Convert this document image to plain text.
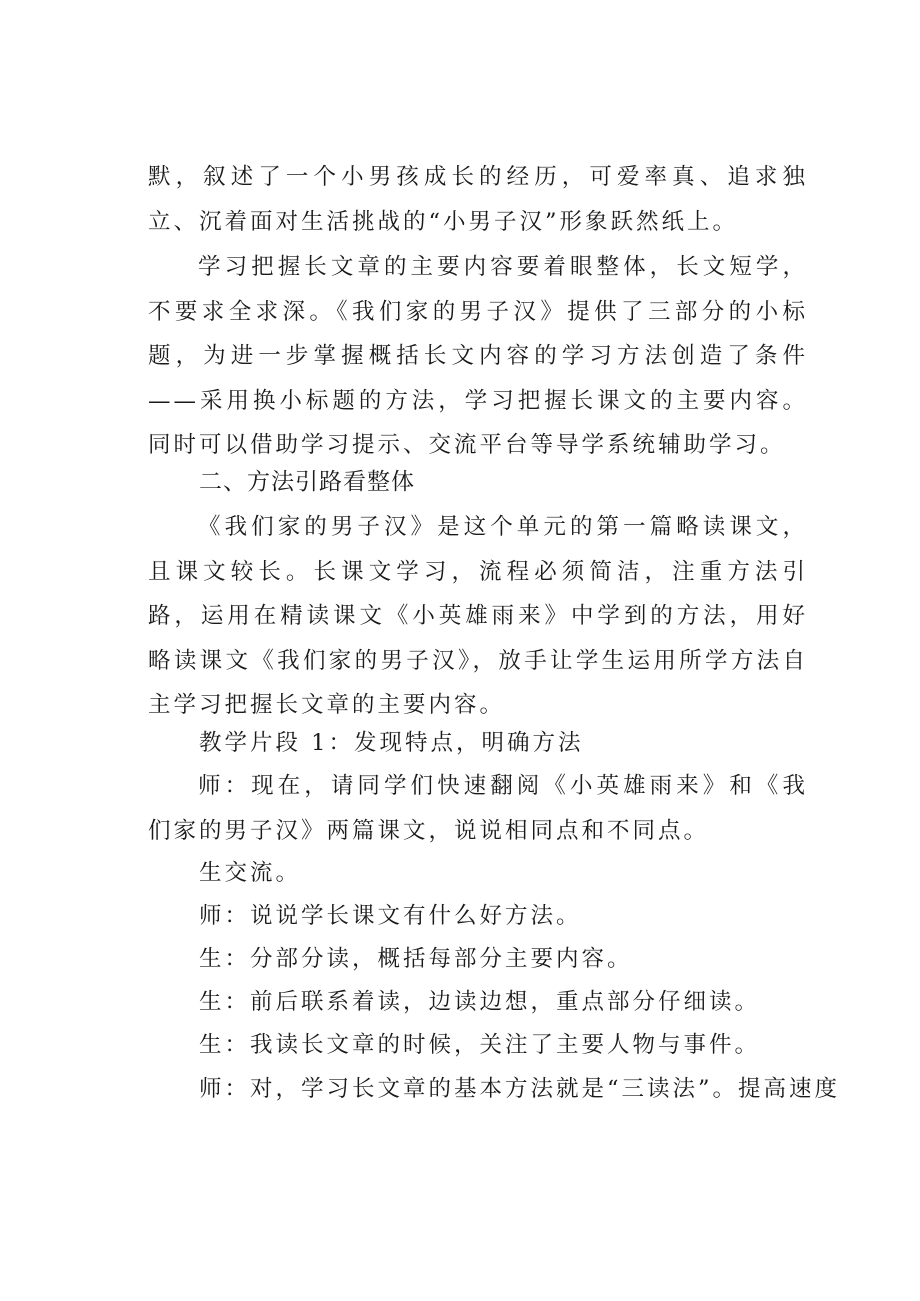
默，叙述了一个小男孩成长的经历，可爱率真、追求独立、沉着面对生活挑战的“小男子汉”形象跃然纸上。

学习把握长文章的主要内容要着眼整体，长文短学，不要求全求深。《我们家的男子汉》提供了三部分的小标题，为进一步掌握概括长文内容的学习方法创造了条件——采用换小标题的方法，学习把握长课文的主要内容。同时可以借助学习提示、交流平台等导学系统辅助学习。

二、方法引路看整体

《我们家的男子汉》是这个单元的第一篇略读课文，且课文较长。长课文学习，流程必须简洁，注重方法引路，运用在精读课文《小英雄雨来》中学到的方法，用好略读课文《我们家的男子汉》，放手让学生运用所学方法自主学习把握长文章的主要内容。

教学片段 1：发现特点，明确方法

师：现在，请同学们快速翻阅《小英雄雨来》和《我们家的男子汉》两篇课文，说说相同点和不同点。

生交流。

师：说说学长课文有什么好方法。

生：分部分读，概括每部分主要内容。

生：前后联系着读，边读边想，重点部分仔细读。

生：我读长文章的时候，关注了主要人物与事件。

师：对，学习长文章的基本方法就是“三读法”。提高速度
